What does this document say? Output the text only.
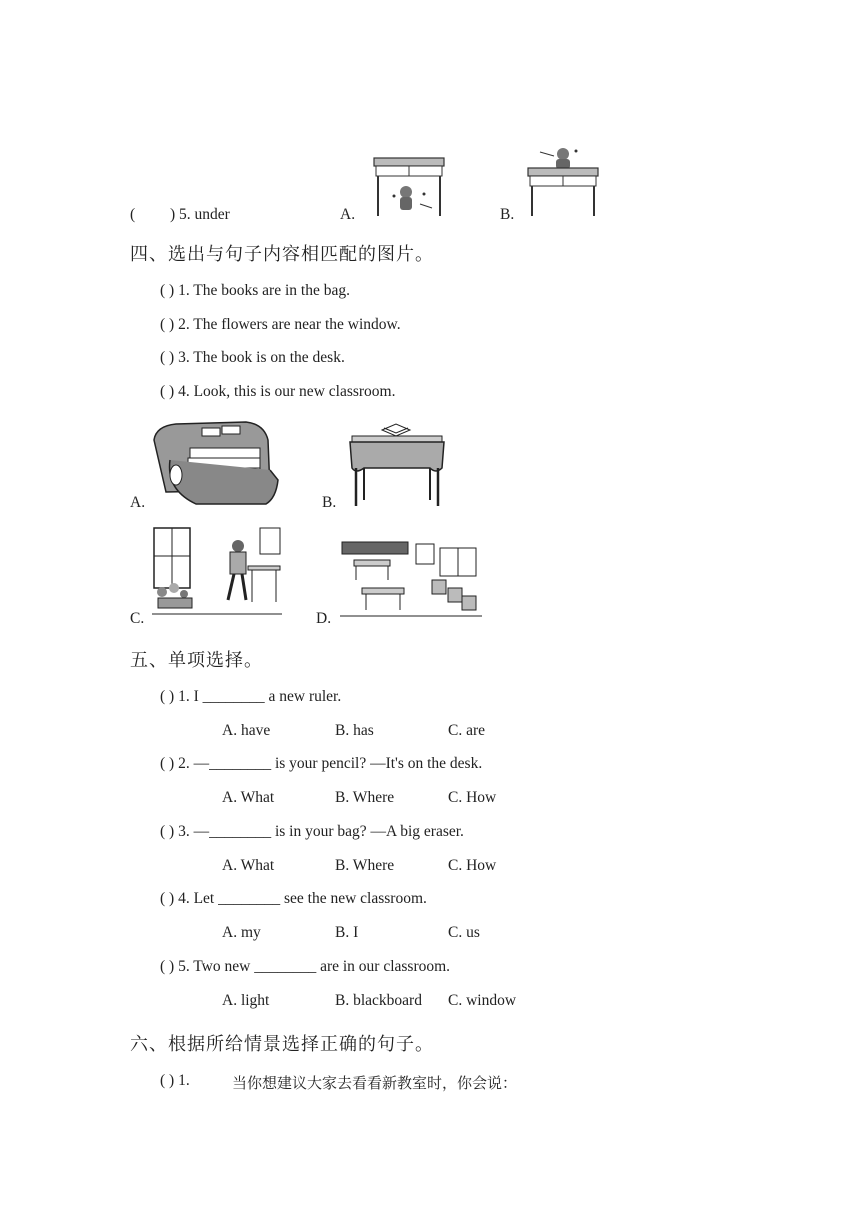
( ) 5. under	A.	B.
四、选出与句子内容相匹配的图片。
( ) 1. The books are in the bag.
( ) 2. The flowers are near the window.
( ) 3. The book is on the desk.
( ) 4. Look, this is our new classroom.
A.	B.
C.	D.
五、单项选择。
( ) 1. I ________ a new ruler.
A. have	B. has	C. are
( ) 2. —________ is your pencil? —It's on the desk.
A. What	B. Where	C. How
( ) 3. —________ is in your bag? —A big eraser.
A. What	B. Where	C. How
( ) 4. Let ________ see the new classroom.
A. my	B. I	C. us
( ) 5. Two new ________ are in our classroom.
A. light	B. blackboard C. window
六、根据所给情景选择正确的句子。
( ) 1.	当你想建议大家去看看新教室时，你会说：
